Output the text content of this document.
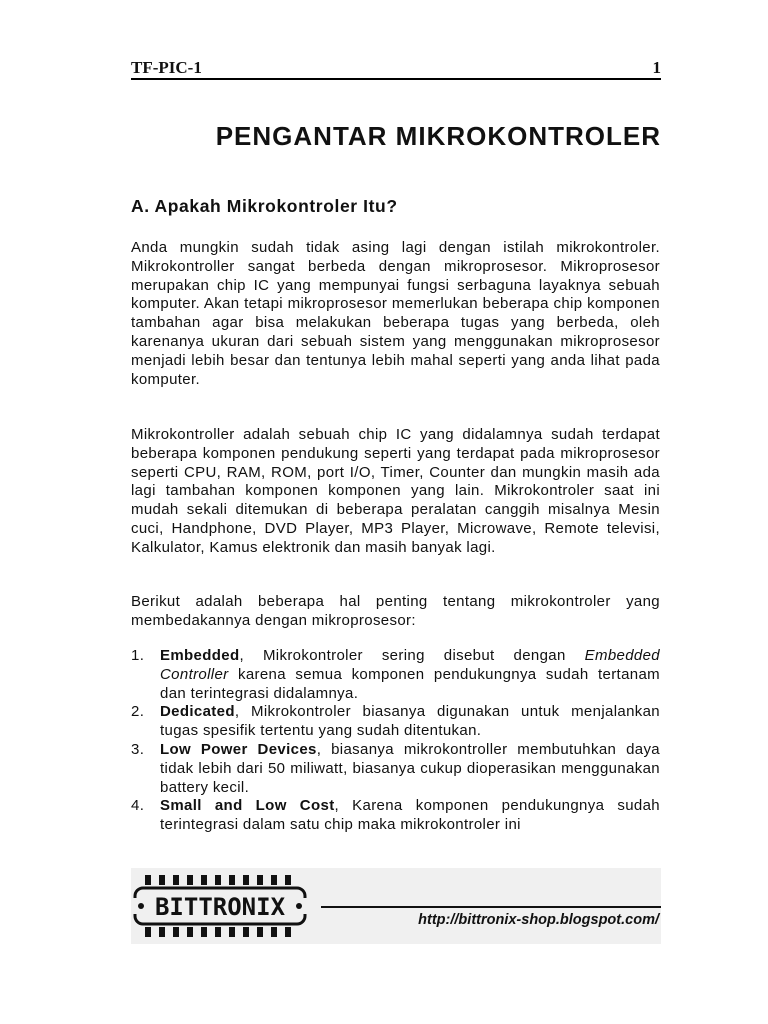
TF-PIC-1	1
PENGANTAR MIKROKONTROLER
A. Apakah Mikrokontroler Itu?

Anda mungkin sudah tidak asing lagi dengan istilah mikrokontroler. Mikrokontroller sangat berbeda dengan mikroprosesor. Mikroprosesor merupakan chip IC yang mempunyai fungsi serbaguna layaknya sebuah komputer. Akan tetapi mikroprosesor memerlukan beberapa chip komponen tambahan agar bisa melakukan beberapa tugas yang berbeda, oleh karenanya ukuran dari sebuah sistem yang menggunakan mikroprosesor menjadi lebih besar dan tentunya lebih mahal seperti yang anda lihat pada komputer.

Mikrokontroller adalah sebuah chip IC yang didalamnya sudah terdapat beberapa komponen pendukung seperti yang terdapat pada mikroprosesor seperti CPU, RAM, ROM, port I/O, Timer, Counter dan mungkin masih ada lagi tambahan komponen komponen yang lain. Mikrokontroler saat ini mudah sekali ditemukan di beberapa peralatan canggih misalnya Mesin cuci, Handphone, DVD Player, MP3 Player, Microwave, Remote televisi, Kalkulator, Kamus elektronik dan masih banyak lagi.

Berikut adalah beberapa hal penting tentang mikrokontroler yang membedakannya dengan mikroprosesor:

1. Embedded, Mikrokontroler sering disebut dengan Embedded Controller karena semua komponen pendukungnya sudah tertanam dan terintegrasi didalamnya.
2. Dedicated, Mikrokontroler biasanya digunakan untuk menjalankan tugas spesifik tertentu yang sudah ditentukan.
3. Low Power Devices, biasanya mikrokontroller membutuhkan daya tidak lebih dari 50 miliwatt, biasanya cukup dioperasikan menggunakan battery kecil.
4. Small and Low Cost, Karena komponen pendukungnya sudah terintegrasi dalam satu chip maka mikrokontroler ini
BITTRONIX	http://bittronix-shop.blogspot.com/
